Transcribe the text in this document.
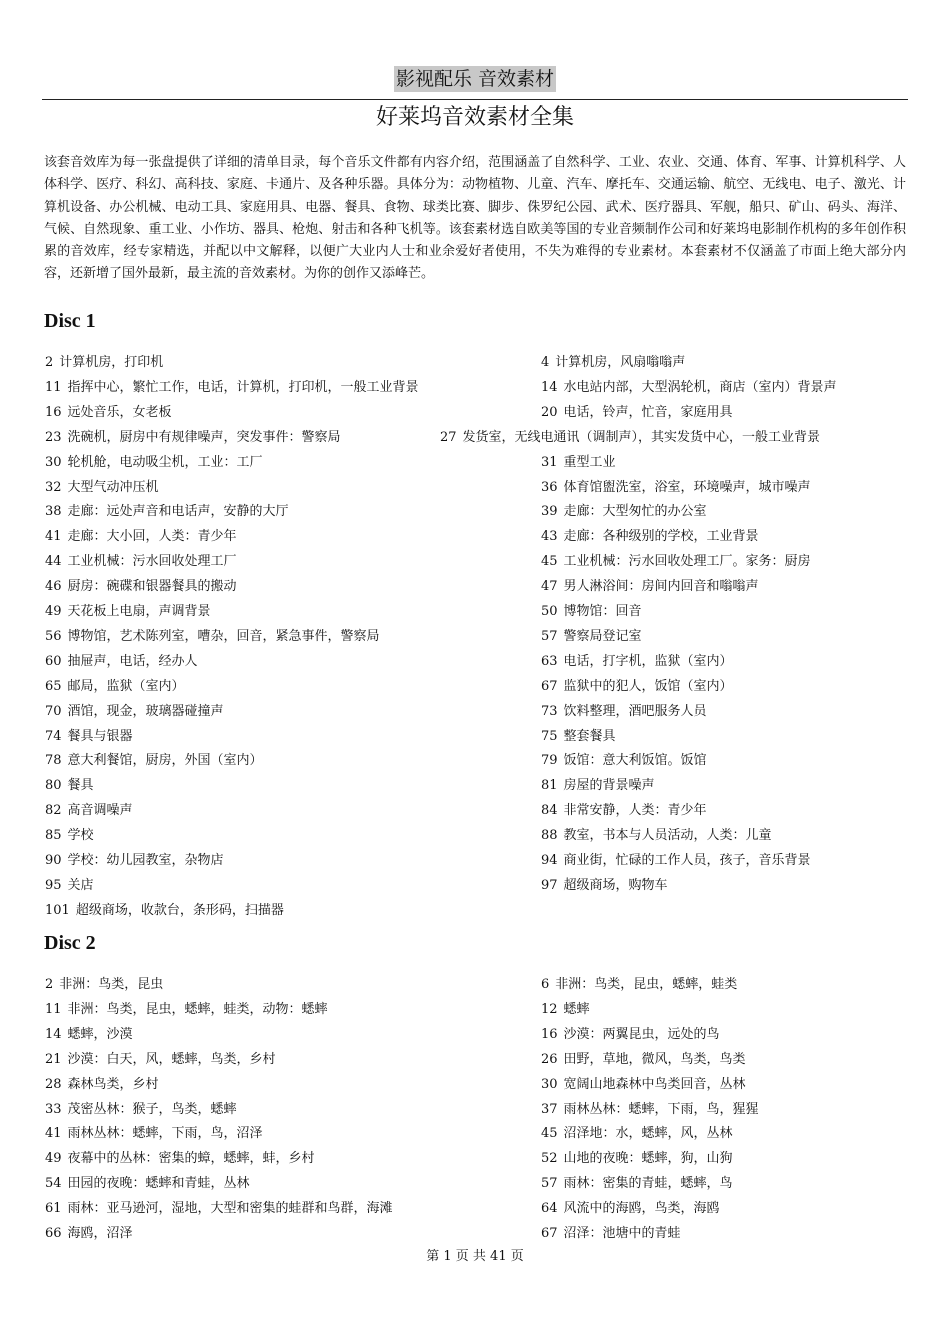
影视配乐 音效素材
好莱坞音效素材全集
该套音效库为每一张盘提供了详细的清单目录，每个音乐文件都有内容介绍，范围涵盖了自然科学、工业、农业、交通、体育、军事、计算机科学、人体科学、医疗、科幻、高科技、家庭、卡通片、及各种乐器。具体分为：动物植物、儿童、汽车、摩托车、交通运输、航空、无线电、电子、激光、计算机设备、办公机械、电动工具、家庭用具、电器、餐具、食物、球类比赛、脚步、侏罗纪公园、武术、医疗器具、军舰，船只、矿山、码头、海洋、气候、自然现象、重工业、小作坊、器具、枪炮、射击和各种飞机等。该套素材选自欧美等国的专业音频制作公司和好莱坞电影制作机构的多年创作积累的音效库，经专家精选，并配以中文解释，以便广大业内人士和业余爱好者使用，不失为难得的专业素材。本套素材不仅涵盖了市面上绝大部分内容，还新增了国外最新，最主流的音效素材。为你的创作又添峰芒。
Disc 1
Disc 2
2 计算机房，打印机	4 计算机房，风扇嗡嗡声
11 指挥中心，繁忙工作，电话，计算机，打印机，一般工业背景	14 水电站内部，大型涡轮机，商店（室内）背景声
16 远处音乐，女老板	20 电话，铃声，忙音，家庭用具
23 洗碗机，厨房中有规律噪声，突发事件：警察局	27 发货室，无线电通讯（调制声），其实发货中心，一般工业背景
30 轮机舱，电动吸尘机，工业：工厂	31 重型工业
32 大型气动冲压机	36 体育馆盥洗室，浴室，环境噪声，城市噪声
38 走廊：远处声音和电话声，安静的大厅	39 走廊：大型匆忙的办公室
41 走廊：大小回，人类：青少年	43 走廊：各种级别的学校，工业背景
44 工业机械：污水回收处理工厂	45 工业机械：污水回收处理工厂。家务：厨房
46 厨房：碗碟和银器餐具的搬动	47 男人淋浴间：房间内回音和嗡嗡声
49 天花板上电扇，声调背景	50 博物馆：回音
56 博物馆，艺术陈列室，嘈杂，回音，紧急事件，警察局	57 警察局登记室
60 抽屉声，电话，经办人	63 电话，打字机，监狱（室内）
65 邮局，监狱（室内）	67 监狱中的犯人，饭馆（室内）
70 酒馆，现金，玻璃器碰撞声	73 饮料整理，酒吧服务人员
74 餐具与银器	75 整套餐具
78 意大利餐馆，厨房，外国（室内）	79 饭馆：意大利饭馆。饭馆
80 餐具	81 房屋的背景噪声
82 高音调噪声	84 非常安静，人类：青少年
85 学校	88 教室，书本与人员活动，人类：儿童
90 学校：幼儿园教室，杂物店	94 商业街，忙碌的工作人员，孩子，音乐背景
95 关店	97 超级商场，购物车
101 超级商场，收款台，条形码，扫描器
2 非洲：鸟类，昆虫	6 非洲：鸟类，昆虫，蟋蟀，蛙类
11 非洲：鸟类，昆虫，蟋蟀，蛙类，动物：蟋蟀	12 蟋蟀
14 蟋蟀，沙漠	16 沙漠：两翼昆虫，远处的鸟
21 沙漠：白天，风，蟋蟀，鸟类，乡村	26 田野，草地，微风，鸟类，鸟类
28 森林鸟类，乡村	30 宽阔山地森林中鸟类回音，丛林
33 茂密丛林：猴子，鸟类，蟋蟀	37 雨林丛林：蟋蟀，下雨，鸟，猩猩
41 雨林丛林：蟋蟀，下雨，鸟，沼泽	45 沼泽地：水，蟋蟀，风，丛林
49 夜幕中的丛林：密集的蟑，蟋蟀，蚌，乡村	52 山地的夜晚：蟋蟀，狗，山狗
54 田园的夜晚：蟋蟀和青蛙，丛林	57 雨林：密集的青蛙，蟋蟀，鸟
61 雨林：亚马逊河，湿地，大型和密集的蛙群和鸟群，海滩	64 风流中的海鸥，鸟类，海鸥
66 海鸥，沼泽	67 沼泽：池塘中的青蛙
第 1 页 共 41 页
